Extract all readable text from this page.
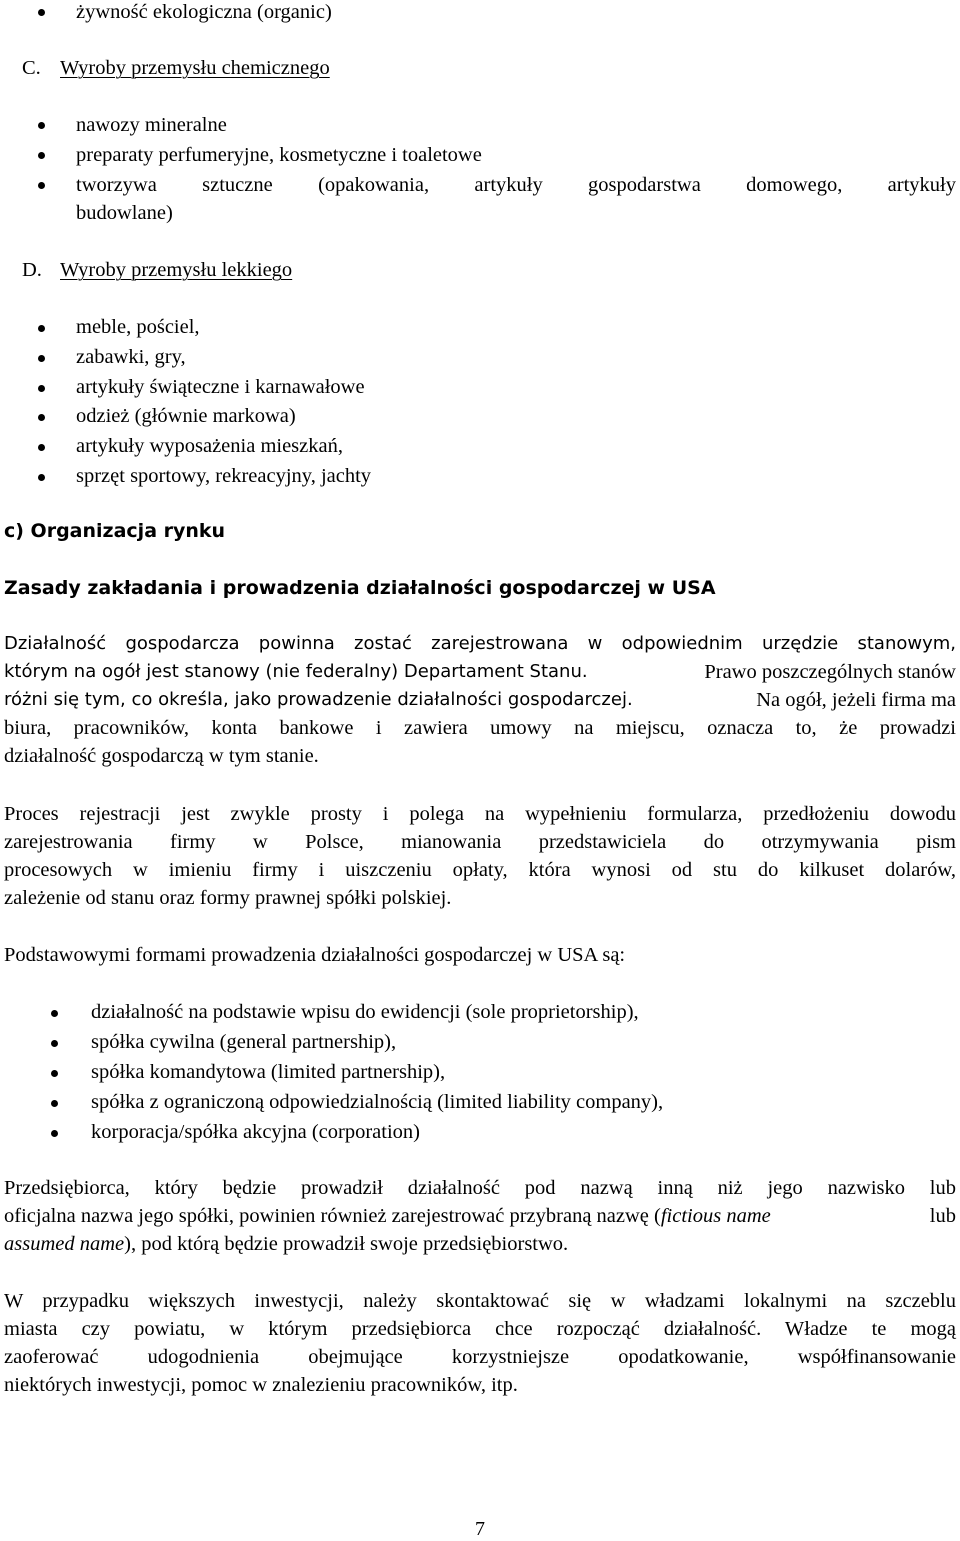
żywność ekologiczna (organic)
C. Wyroby przemysłu chemicznego
nawozy mineralne
preparaty perfumeryjne, kosmetyczne i toaletowe
tworzywa sztuczne (opakowania, artykuły gospodarstwa domowego, artykuły
budowlane)
D. Wyroby przemysłu lekkiego
meble, pościel,
zabawki, gry,
artykuły świąteczne i karnawałowe
odzież (głównie markowa)
artykuły wyposażenia mieszkań,
sprzęt sportowy, rekreacyjny, jachty
c) Organizacja rynku
Zasady zakładania i prowadzenia działalności gospodarczej w USA
Działalność gospodarcza powinna zostać zarejestrowana w odpowiednim urzędzie stanowym,
którym na ogół jest stanowy (nie federalny) Departament Stanu.	Prawo poszczególnych stanów
różni się tym, co określa, jako prowadzenie działalności gospodarczej.	Na ogół, jeżeli firma ma
biura, pracowników, konta bankowe i zawiera umowy na miejscu, oznacza to, że prowadzi
działalność gospodarczą w tym stanie.
Proces rejestracji jest zwykle prosty i polega na wypełnieniu formularza, przedłożeniu dowodu
zarejestrowania firmy w Polsce, mianowania przedstawiciela do otrzymywania pism
procesowych w imieniu firmy i uiszczeniu opłaty, która wynosi od stu do kilkuset dolarów,
zależenie od stanu oraz formy prawnej spółki polskiej.
Podstawowymi formami prowadzenia działalności gospodarczej w USA są:
działalność na podstawie wpisu do ewidencji (sole proprietorship),
spółka cywilna (general partnership),
spółka komandytowa (limited partnership),
spółka z ograniczoną odpowiedzialnością (limited liability company),
korporacja/spółka akcyjna (corporation)
Przedsiębiorca, który będzie prowadził działalność pod nazwą inną niż jego nazwisko lub
oficjalna nazwa jego spółki, powinien również zarejestrować przybraną nazwę (fictious name	lub
assumed name), pod którą będzie prowadził swoje przedsiębiorstwo.
W przypadku większych inwestycji, należy skontaktować się w władzami lokalnymi na szczeblu
miasta czy powiatu, w którym przedsiębiorca chce rozpocząć działalność. Władze te mogą
zaoferować udogodnienia obejmujące korzystniejsze opodatkowanie, współfinansowanie
niektórych inwestycji, pomoc w znalezieniu pracowników, itp.
7
